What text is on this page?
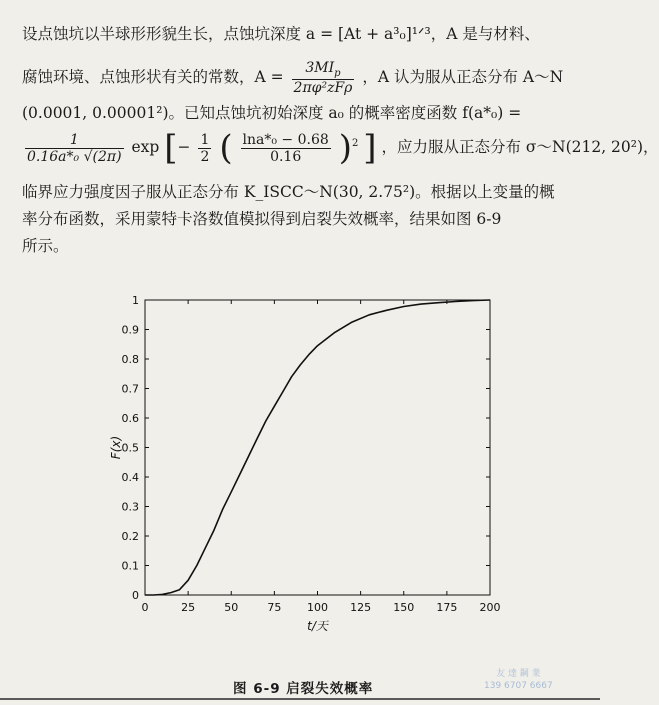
设点蚀坑以半球形形貌生长，点蚀坑深度 a = [At + a³₀]¹ᐟ³，A 是与材料、
腐蚀环境、点蚀形状有关的常数，$A = \frac{3MI_p}{\text{2πφ²zFρ}}$ ，A 认为服从正态分布 A～N
(0.0001, 0.00001²)。已知点蚀坑初始深度 a₀ 的概率密度函数 f(a*₀) =
$\frac{1}{\text{0.16a*₀ √(2π)}}$ exp [− $\frac{1}{2}$ ( $\frac{\text{lna*₀ − 0.68}}{0.16} )^2$ ] ，应力服从正态分布 σ～N(212, 20²)，
临界应力强度因子服从正态分布 K_ISCC～N(30, 2.75²)。根据以上变量的概
率分布函数，采用蒙特卡洛数值模拟得到启裂失效概率，结果如图 6-9
所示。
0	25	50	75 100 125 150 175 200
0
0.1
0.2
0.3
0.4
0.5
0.6
0.7
0.8
0.9
1
t/天
F(x)
图 6-9 启裂失效概率
友 達 鋼 業
139 6707 6667
